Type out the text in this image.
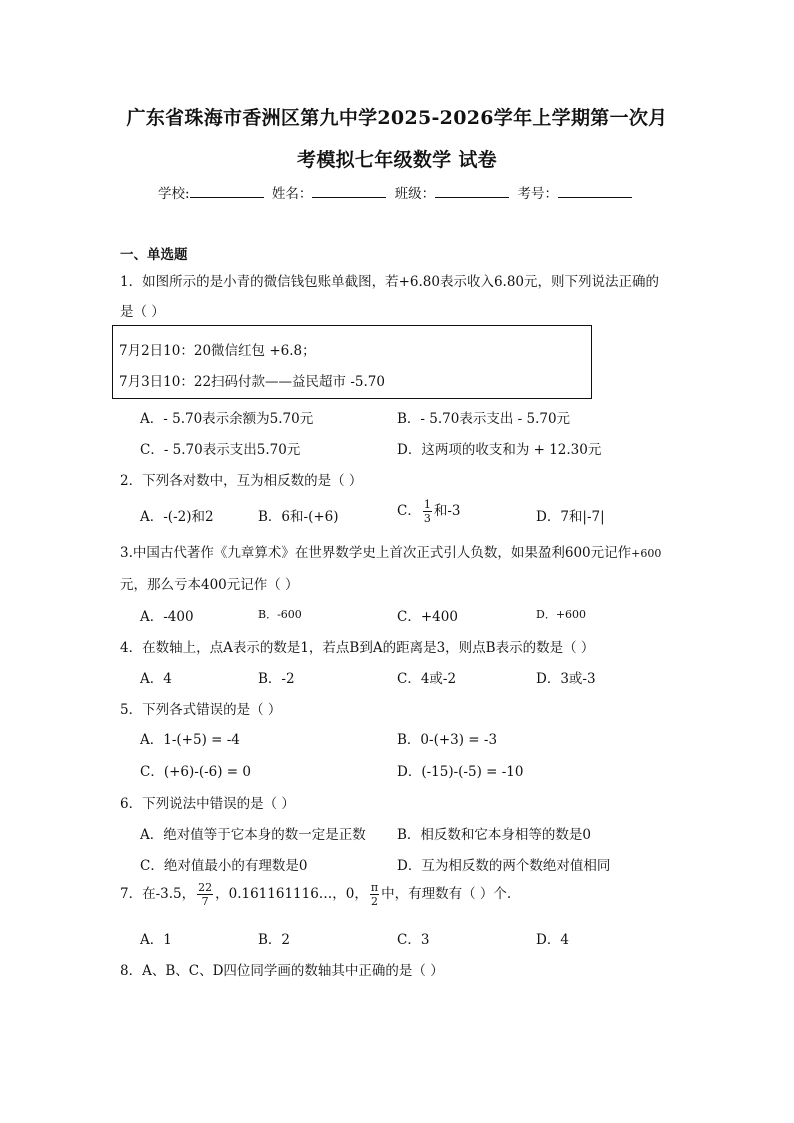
广东省珠海市香洲区第九中学2025-2026学年上学期第一次月
考模拟七年级数学 试卷
学校:	姓名：	班级：	考号：
一、单选题
1．如图所示的是小青的微信钱包账单截图，若+6.80表示收入6.80元，则下列说法正确的
是（ ）
7月2日10：20微信红包 +6.8；
7月3日10：22扫码付款——益民超市 -5.70
A．- 5.70表示余额为5.70元	B．- 5.70表示支出 - 5.70元
C．- 5.70表示支出5.70元	D．这两项的收支和为 + 12.30元
2．下列各对数中，互为相反数的是（ ）
A．-(-2)和2	B．6和-(+6)	C． $\frac{1}{3}$ 和-3	D．7和|-7|
3.中国古代著作《九章算术》在世界数学史上首次正式引人负数，如果盈利600元记作+600
元，那么亏本400元记作（ ）
A．-400	B．-600	C．+400	D．+600
4．在数轴上，点A表示的数是1，若点B到A的距离是3，则点B表示的数是（ ）
A．4	B．-2	C．4或-2	D．3或-3
5．下列各式错误的是（ ）
A．1-(+5) = -4	B．0-(+3) = -3
C．(+6)-(-6) = 0	D．(-15)-(-5) = -10
6．下列说法中错误的是（ ）
A．绝对值等于它本身的数一定是正数 B．相反数和它本身相等的数是0
C．绝对值最小的有理数是0	D．互为相反数的两个数绝对值相同
7．在-3.5， $\frac{22}{7}$ ，0.161161116…，0， $\frac{\pi}{2}$ 中，有理数有（ ）个.
A．1	B．2	C．3	D．4
8．A、B、C、D四位同学画的数轴其中正确的是（ ）
